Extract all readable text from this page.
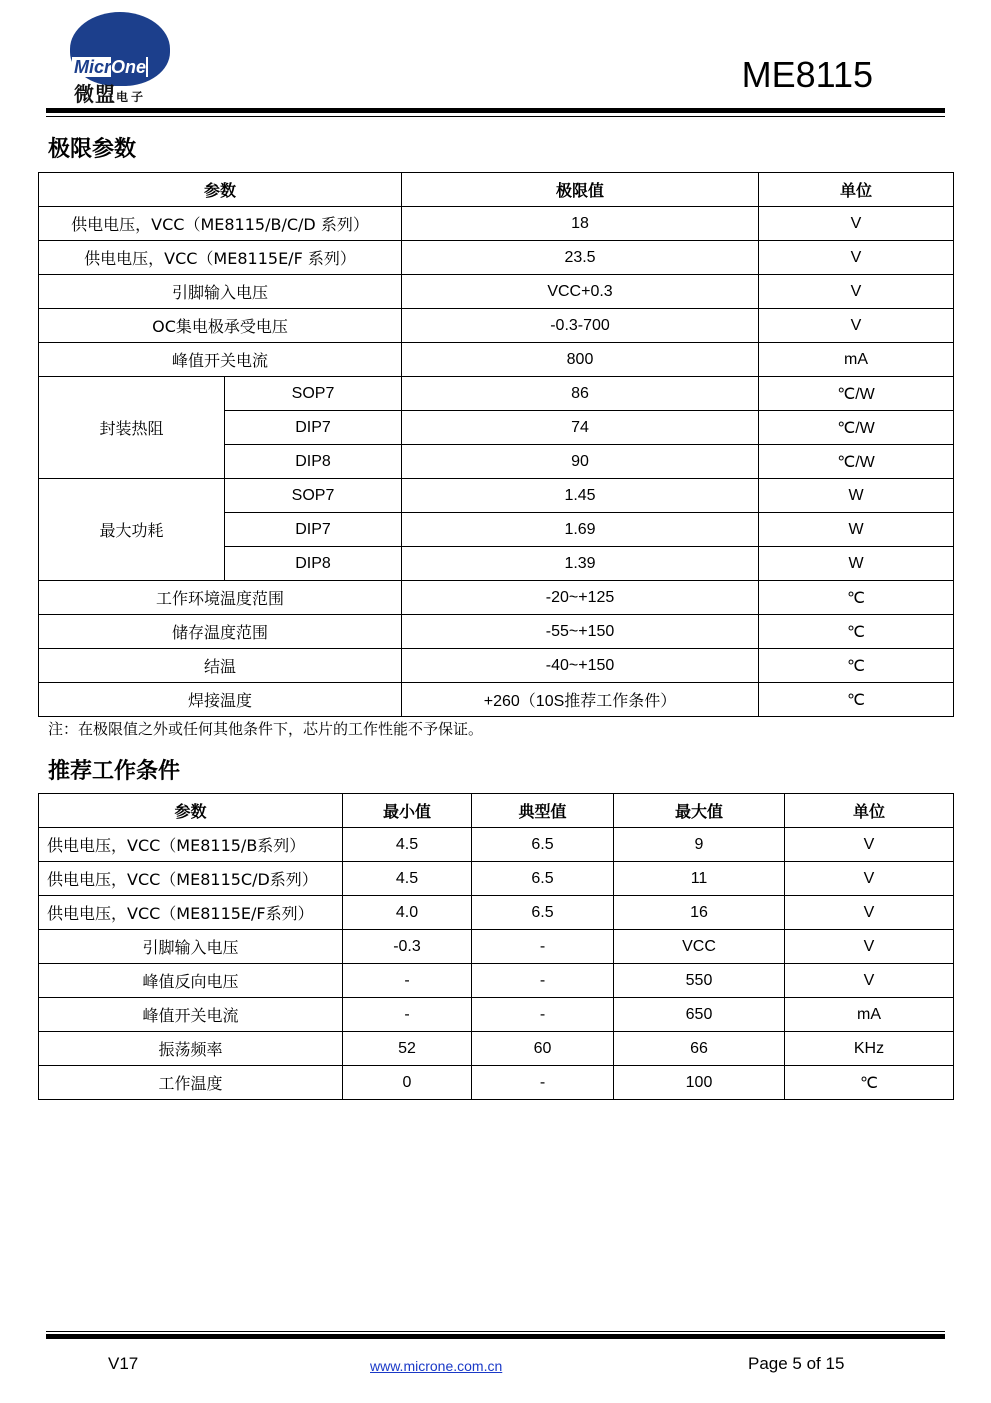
MicrOne
微盟电子
ME8115
极限参数
参数		极限值	单位
供电电压，VCC（ME8115/B/C/D 系列）		18	V
供电电压，VCC（ME8115E/F 系列）		23.5	V
引脚输入电压		VCC+0.3	V
OC集电极承受电压		-0.3-700	V
峰值开关电流		800	mA
封装热阻	SOP7	86	℃/W
	DIP7	74	℃/W
	DIP8	90	℃/W
最大功耗	SOP7	1.45	W
	DIP7	1.69	W
	DIP8	1.39	W
工作环境温度范围		-20~+125	℃
储存温度范围		-55~+150	℃
结温		-40~+150	℃
焊接温度		+260（10S推荐工作条件）	℃
注：在极限值之外或任何其他条件下，芯片的工作性能不予保证。
推荐工作条件
参数	最小值	典型值	最大值	单位
供电电压，VCC（ME8115/B系列）	4.5	6.5	9	V
供电电压，VCC（ME8115C/D系列）	4.5	6.5	11	V
供电电压，VCC（ME8115E/F系列）	4.0	6.5	16	V
引脚输入电压	-0.3	-	VCC	V
峰值反向电压	-	-	550	V
峰值开关电流	-	-	650	mA
振荡频率	52	60	66	KHz
工作温度	0	-	100	℃
V17	www.microne.com.cn	Page 5 of 15
